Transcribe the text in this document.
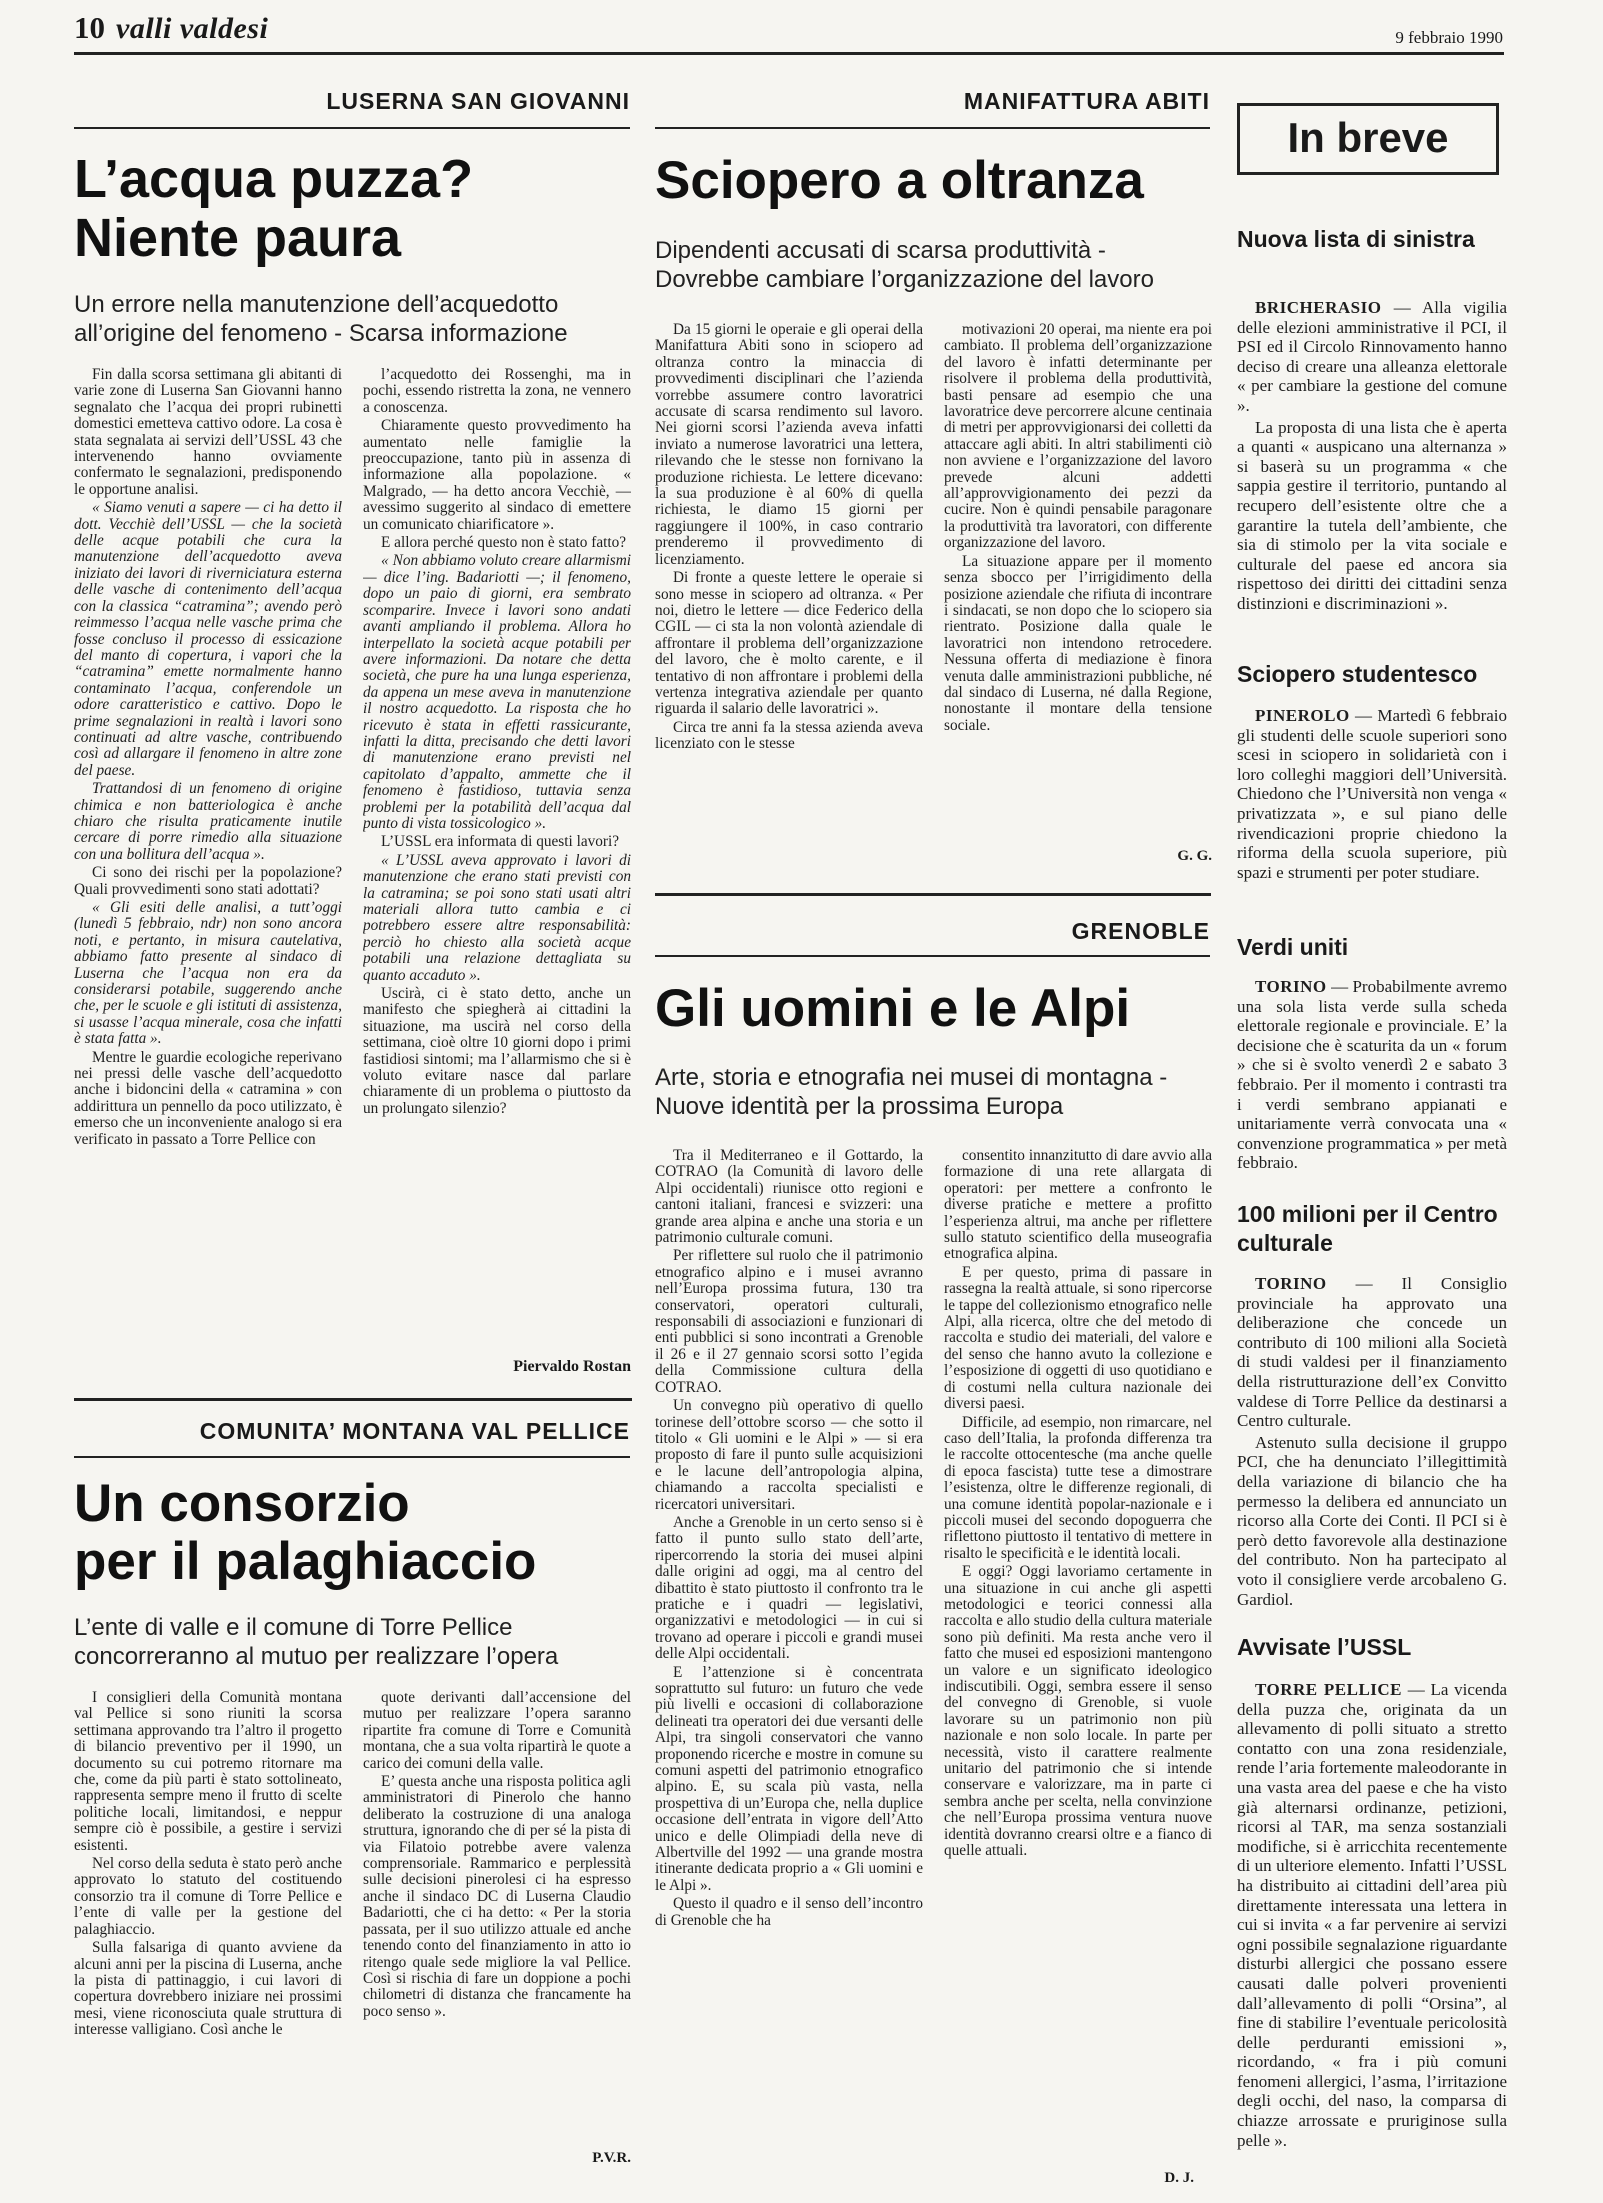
10 valli valdesi	9 febbraio 1990
LUSERNA SAN GIOVANNI
L’acqua puzza?
Niente paura
Un errore nella manutenzione dell’acquedotto all’origine del fenomeno - Scarsa informazione

Fin dalla scorsa settimana gli abitanti di varie zone di Luserna San Giovanni hanno segnalato che l’acqua dei propri rubinetti domestici emetteva cattivo odore. La cosa è stata segnalata ai servizi dell’USSL 43 che intervenendo hanno ovviamente confermato le segnalazioni, predisponendo le opportune analisi.

« Siamo venuti a sapere — ci ha detto il dott. Vecchiè dell’USSL — che la società delle acque potabili che cura la manutenzione dell’acquedotto aveva iniziato dei lavori di riverniciatura esterna delle vasche di contenimento dell’acqua con la classica “catramina”; avendo però reimmesso l’acqua nelle vasche prima che fosse concluso il processo di essicazione del manto di copertura, i vapori che la “catramina” emette normalmente hanno contaminato l’acqua, conferendole un odore caratteristico e cattivo. Dopo le prime segnalazioni in realtà i lavori sono continuati ad altre vasche, contribuendo così ad allargare il fenomeno in altre zone del paese.

Trattandosi di un fenomeno di origine chimica e non batteriologica è anche chiaro che risulta praticamente inutile cercare di porre rimedio alla situazione con una bollitura dell’acqua ».

Ci sono dei rischi per la popolazione? Quali provvedimenti sono stati adottati?

« Gli esiti delle analisi, a tutt’oggi (lunedì 5 febbraio, ndr) non sono ancora noti, e pertanto, in misura cautelativa, abbiamo fatto presente al sindaco di Luserna che l’acqua non era da considerarsi potabile, suggerendo anche che, per le scuole e gli istituti di assistenza, si usasse l’acqua minerale, cosa che infatti è stata fatta ».

Mentre le guardie ecologiche reperivano nei pressi delle vasche dell’acquedotto anche i bidoncini della « catramina » con addirittura un pennello da poco utilizzato, è emerso che un inconveniente analogo si era verificato in passato a Torre Pellice con

l’acquedotto dei Rossenghi, ma in pochi, essendo ristretta la zona, ne vennero a conoscenza.

Chiaramente questo provvedimento ha aumentato nelle famiglie la preoccupazione, tanto più in assenza di informazione alla popolazione. « Malgrado, — ha detto ancora Vecchiè, — avessimo suggerito al sindaco di emettere un comunicato chiarificatore ».

E allora perché questo non è stato fatto?

« Non abbiamo voluto creare allarmismi — dice l’ing. Badariotti —; il fenomeno, dopo un paio di giorni, era sembrato scomparire. Invece i lavori sono andati avanti ampliando il problema. Allora ho interpellato la società acque potabili per avere informazioni. Da notare che detta società, che pure ha una lunga esperienza, da appena un mese aveva in manutenzione il nostro acquedotto. La risposta che ho ricevuto è stata in effetti rassicurante, infatti la ditta, precisando che detti lavori di manutenzione erano previsti nel capitolato d’appalto, ammette che il fenomeno è fastidioso, tuttavia senza problemi per la potabilità dell’acqua dal punto di vista tossicologico ».

L’USSL era informata di questi lavori?

« L’USSL aveva approvato i lavori di manutenzione che erano stati previsti con la catramina; se poi sono stati usati altri materiali allora tutto cambia e ci potrebbero essere altre responsabilità: perciò ho chiesto alla società acque potabili una relazione dettagliata su quanto accaduto ».

Uscirà, ci è stato detto, anche un manifesto che spiegherà ai cittadini la situazione, ma uscirà nel corso della settimana, cioè oltre 10 giorni dopo i primi fastidiosi sintomi; ma l’allarmismo che si è voluto evitare nasce dal parlare chiaramente di un problema o piuttosto da un prolungato silenzio?

Piervaldo Rostan
COMUNITA’ MONTANA VAL PELLICE
Un consorzio
per il palaghiaccio
L’ente di valle e il comune di Torre Pellice concorreranno al mutuo per realizzare l’opera

I consiglieri della Comunità montana val Pellice si sono riuniti la scorsa settimana approvando tra l’altro il progetto di bilancio preventivo per il 1990, un documento su cui potremo ritornare ma che, come da più parti è stato sottolineato, rappresenta sempre meno il frutto di scelte politiche locali, limitandosi, e neppur sempre ciò è possibile, a gestire i servizi esistenti.

Nel corso della seduta è stato però anche approvato lo statuto del costituendo consorzio tra il comune di Torre Pellice e l’ente di valle per la gestione del palaghiaccio.

Sulla falsariga di quanto avviene da alcuni anni per la piscina di Luserna, anche la pista di pattinaggio, i cui lavori di copertura dovrebbero iniziare nei prossimi mesi, viene riconosciuta quale struttura di interesse valligiano. Così anche le

quote derivanti dall’accensione del mutuo per realizzare l’opera saranno ripartite fra comune di Torre e Comunità montana, che a sua volta ripartirà le quote a carico dei comuni della valle.

E’ questa anche una risposta politica agli amministratori di Pinerolo che hanno deliberato la costruzione di una analoga struttura, ignorando che di per sé la pista di via Filatoio potrebbe avere valenza comprensoriale. Rammarico e perplessità sulle decisioni pinerolesi ci ha espresso anche il sindaco DC di Luserna Claudio Badariotti, che ci ha detto: « Per la storia passata, per il suo utilizzo attuale ed anche tenendo conto del finanziamento in atto io ritengo quale sede migliore la val Pellice. Così si rischia di fare un doppione a pochi chilometri di distanza che francamente ha poco senso ».

P.V.R.
MANIFATTURA ABITI
Sciopero a oltranza
Dipendenti accusati di scarsa produttività - Dovrebbe cambiare l’organizzazione del lavoro

Da 15 giorni le operaie e gli operai della Manifattura Abiti sono in sciopero ad oltranza contro la minaccia di provvedimenti disciplinari che l’azienda vorrebbe assumere contro lavoratrici accusate di scarsa rendimento sul lavoro. Nei giorni scorsi l’azienda aveva infatti inviato a numerose lavoratrici una lettera, rilevando che le stesse non fornivano la produzione richiesta. Le lettere dicevano: la sua produzione è al 60% di quella richiesta, le diamo 15 giorni per raggiungere il 100%, in caso contrario prenderemo il provvedimento di licenziamento.

Di fronte a queste lettere le operaie si sono messe in sciopero ad oltranza. « Per noi, dietro le lettere — dice Federico della CGIL — ci sta la non volontà aziendale di affrontare il problema dell’organizzazione del lavoro, che è molto carente, e il tentativo di non affrontare i problemi della vertenza integrativa aziendale per quanto riguarda il salario delle lavoratrici ».

Circa tre anni fa la stessa azienda aveva licenziato con le stesse

motivazioni 20 operai, ma niente era poi cambiato. Il problema dell’organizzazione del lavoro è infatti determinante per risolvere il problema della produttività, basti pensare ad esempio che una lavoratrice deve percorrere alcune centinaia di metri per approvvigionarsi dei colletti da attaccare agli abiti. In altri stabilimenti ciò non avviene e l’organizzazione del lavoro prevede alcuni addetti all’approvvigionamento dei pezzi da cucire. Non è quindi pensabile paragonare la produttività tra lavoratori, con differente organizzazione del lavoro.

La situazione appare per il momento senza sbocco per l’irrigidimento della posizione aziendale che rifiuta di incontrare i sindacati, se non dopo che lo sciopero sia rientrato. Posizione dalla quale le lavoratrici non intendono retrocedere. Nessuna offerta di mediazione è finora venuta dalle amministrazioni pubbliche, né dal sindaco di Luserna, né dalla Regione, nonostante il montare della tensione sociale.

G. G.
GRENOBLE
Gli uomini e le Alpi
Arte, storia e etnografia nei musei di montagna - Nuove identità per la prossima Europa

Tra il Mediterraneo e il Gottardo, la COTRAO (la Comunità di lavoro delle Alpi occidentali) riunisce otto regioni e cantoni italiani, francesi e svizzeri: una grande area alpina e anche una storia e un patrimonio culturale comuni.

Per riflettere sul ruolo che il patrimonio etnografico alpino e i musei avranno nell’Europa prossima futura, 130 tra conservatori, operatori culturali, responsabili di associazioni e funzionari di enti pubblici si sono incontrati a Grenoble il 26 e il 27 gennaio scorsi sotto l’egida della Commissione cultura della COTRAO.

Un convegno più operativo di quello torinese dell’ottobre scorso — che sotto il titolo « Gli uomini e le Alpi » — si era proposto di fare il punto sulle acquisizioni e le lacune dell’antropologia alpina, chiamando a raccolta specialisti e ricercatori universitari.

Anche a Grenoble in un certo senso si è fatto il punto sullo stato dell’arte, ripercorrendo la storia dei musei alpini dalle origini ad oggi, ma al centro del dibattito è stato piuttosto il confronto tra le pratiche e i quadri — legislativi, organizzativi e metodologici — in cui si trovano ad operare i piccoli e grandi musei delle Alpi occidentali.

E l’attenzione si è concentrata soprattutto sul futuro: un futuro che vede più livelli e occasioni di collaborazione delineati tra operatori dei due versanti delle Alpi, tra singoli conservatori che vanno proponendo ricerche e mostre in comune su comuni aspetti del patrimonio etnografico alpino. E, su scala più vasta, nella prospettiva di un’Europa che, nella duplice occasione dell’entrata in vigore dell’Atto unico e delle Olimpiadi della neve di Albertville del 1992 — una grande mostra itinerante dedicata proprio a « Gli uomini e le Alpi ».

Questo il quadro e il senso dell’incontro di Grenoble che ha

consentito innanzitutto di dare avvio alla formazione di una rete allargata di operatori: per mettere a confronto le diverse pratiche e mettere a profitto l’esperienza altrui, ma anche per riflettere sullo statuto scientifico della museografia etnografica alpina.

E per questo, prima di passare in rassegna la realtà attuale, si sono ripercorse le tappe del collezionismo etnografico nelle Alpi, alla ricerca, oltre che del metodo di raccolta e studio dei materiali, del valore e del senso che hanno avuto la collezione e l’esposizione di oggetti di uso quotidiano e di costumi nella cultura nazionale dei diversi paesi.

Difficile, ad esempio, non rimarcare, nel caso dell’Italia, la profonda differenza tra le raccolte ottocentesche (ma anche quelle di epoca fascista) tutte tese a dimostrare l’esistenza, oltre le differenze regionali, di una comune identità popolar-nazionale e i piccoli musei del secondo dopoguerra che riflettono piuttosto il tentativo di mettere in risalto le specificità e le identità locali.

E oggi? Oggi lavoriamo certamente in una situazione in cui anche gli aspetti metodologici e teorici connessi alla raccolta e allo studio della cultura materiale sono più definiti. Ma resta anche vero il fatto che musei ed esposizioni mantengono un valore e un significato ideologico indiscutibili. Oggi, sembra essere il senso del convegno di Grenoble, si vuole lavorare su un patrimonio non più nazionale e non solo locale. In parte per necessità, visto il carattere realmente unitario del patrimonio che si intende conservare e valorizzare, ma in parte ci sembra anche per scelta, nella convinzione che nell’Europa prossima ventura nuove identità dovranno crearsi oltre e a fianco di quelle attuali.

D. J.
In breve
Nuova lista di sinistra

BRICHERASIO — Alla vigilia delle elezioni amministrative il PCI, il PSI ed il Circolo Rinnovamento hanno deciso di creare una alleanza elettorale « per cambiare la gestione del comune ».

La proposta di una lista che è aperta a quanti « auspicano una alternanza » si baserà su un programma « che sappia gestire il territorio, puntando al recupero dell’esistente oltre che a garantire la tutela dell’ambiente, che sia di stimolo per la vita sociale e culturale del paese ed ancora sia rispettoso dei diritti dei cittadini senza distinzioni e discriminazioni ».

Sciopero studentesco

PINEROLO — Martedì 6 febbraio gli studenti delle scuole superiori sono scesi in sciopero in solidarietà con i loro colleghi maggiori dell’Università. Chiedono che l’Università non venga « privatizzata », e sul piano delle rivendicazioni proprie chiedono la riforma della scuola superiore, più spazi e strumenti per poter studiare.

Verdi uniti

TORINO — Probabilmente avremo una sola lista verde sulla scheda elettorale regionale e provinciale. E’ la decisione che è scaturita da un « forum » che si è svolto venerdì 2 e sabato 3 febbraio. Per il momento i contrasti tra i verdi sembrano appianati e unitariamente verrà convocata una « convenzione programmatica » per metà febbraio.

100 milioni per il Centro culturale

TORINO — Il Consiglio provinciale ha approvato una deliberazione che concede un contributo di 100 milioni alla Società di studi valdesi per il finanziamento della ristrutturazione dell’ex Convitto valdese di Torre Pellice da destinarsi a Centro culturale.

Astenuto sulla decisione il gruppo PCI, che ha denunciato l’illegittimità della variazione di bilancio che ha permesso la delibera ed annunciato un ricorso alla Corte dei Conti. Il PCI si è però detto favorevole alla destinazione del contributo. Non ha partecipato al voto il consigliere verde arcobaleno G. Gardiol.

Avvisate l’USSL

TORRE PELLICE — La vicenda della puzza che, originata da un allevamento di polli situato a stretto contatto con una zona residenziale, rende l’aria fortemente maleodorante in una vasta area del paese e che ha visto già alternarsi ordinanze, petizioni, ricorsi al TAR, ma senza sostanziali modifiche, si è arricchita recentemente di un ulteriore elemento. Infatti l’USSL ha distribuito ai cittadini dell’area più direttamente interessata una lettera in cui si invita « a far pervenire ai servizi ogni possibile segnalazione riguardante disturbi allergici che possano essere causati dalle polveri provenienti dall’allevamento di polli “Orsina”, al fine di stabilire l’eventuale pericolosità delle perduranti emissioni », ricordando, « fra i più comuni fenomeni allergici, l’asma, l’irritazione degli occhi, del naso, la comparsa di chiazze arrossate e pruriginose sulla pelle ».
